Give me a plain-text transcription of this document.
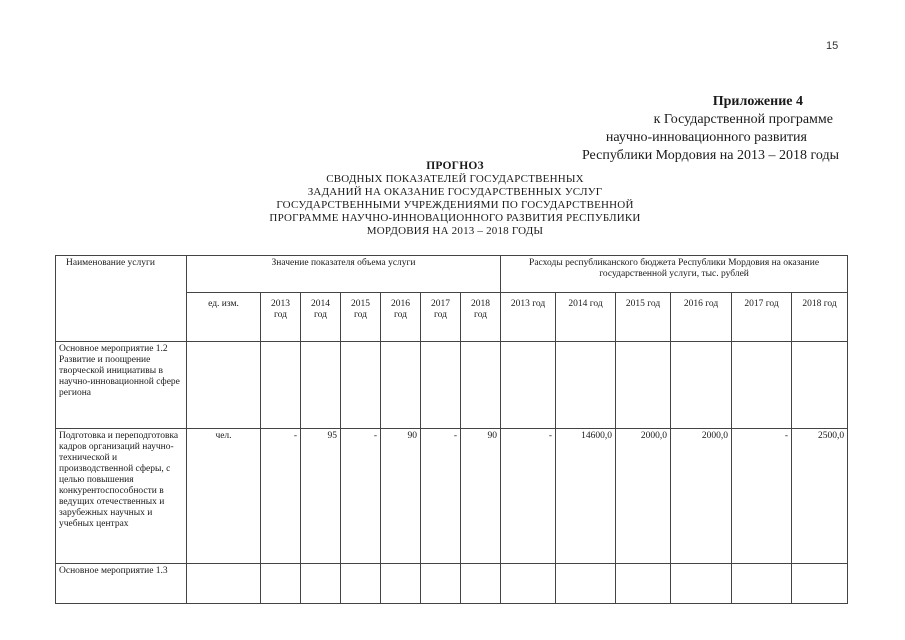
15
Приложение 4
к Государственной программе
научно-инновационного развития
Республики Мордовия на 2013 – 2018 годы
ПРОГНОЗ
СВОДНЫХ ПОКАЗАТЕЛЕЙ ГОСУДАРСТВЕННЫХ
ЗАДАНИЙ НА ОКАЗАНИЕ ГОСУДАРСТВЕННЫХ УСЛУГ
ГОСУДАРСТВЕННЫМИ УЧРЕЖДЕНИЯМИ ПО ГОСУДАРСТВЕННОЙ
ПРОГРАММЕ НАУЧНО-ИННОВАЦИОННОГО РАЗВИТИЯ РЕСПУБЛИКИ
МОРДОВИЯ НА 2013 – 2018 ГОДЫ
Наименование услуги	Значение показателя объема услуги							Расходы республиканского бюджета Республики Мордовия на оказание государственной услуги, тыс. рублей					
	ед. изм.	2013 год	2014 год	2015 год	2016 год	2017 год	2018 год	2013 год	2014 год	2015 год	2016 год	2017 год	2018 год
Основное мероприятие 1.2 Развитие и поощрение творческой инициативы в научно-инновационной сфере региона													
Подготовка и переподготовка кадров организаций научно-технической и производственной сферы, с целью повышения конкурентоспособности в ведущих отечественных и зарубежных научных и учебных центрах	чел.	-	95	-	90	-	90	-	14600,0	2000,0	2000,0	-	2500,0
Основное мероприятие 1.3													
